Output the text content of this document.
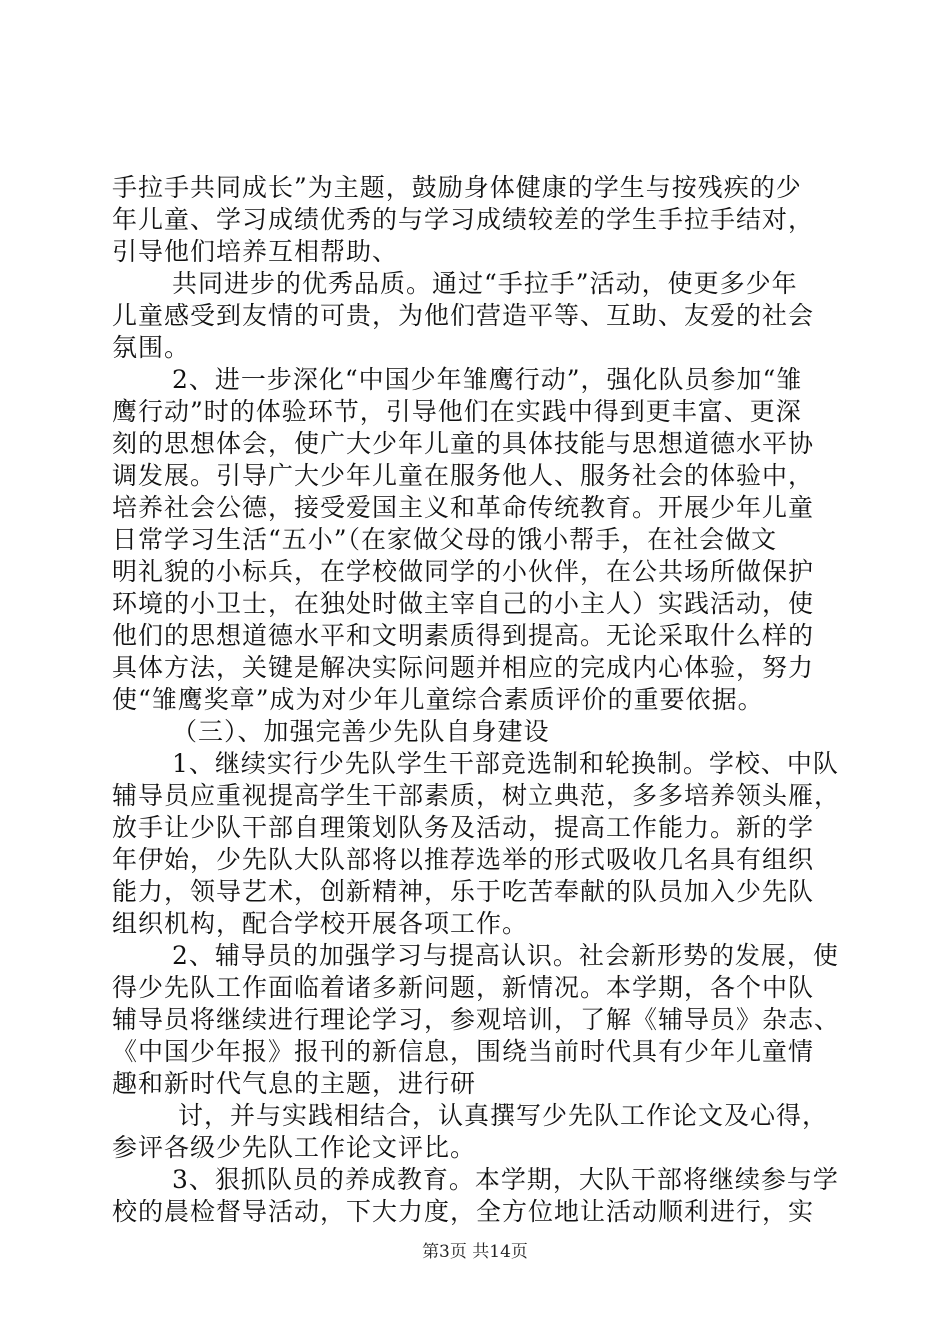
手拉手共同成长”为主题，鼓励身体健康的学生与按残疾的少

年儿童、学习成绩优秀的与学习成绩较差的学生手拉手结对，

引导他们培养互相帮助、

共同进步的优秀品质。通过“手拉手”活动，使更多少年

儿童感受到友情的可贵，为他们营造平等、互助、友爱的社会

氛围。

2、进一步深化“中国少年雏鹰行动”，强化队员参加“雏

鹰行动”时的体验环节，引导他们在实践中得到更丰富、更深

刻的思想体会，使广大少年儿童的具体技能与思想道德水平协

调发展。引导广大少年儿童在服务他人、服务社会的体验中，

培养社会公德，接受爱国主义和革命传统教育。开展少年儿童

日常学习生活“五小”（在家做父母的饿小帮手，在社会做文

明礼貌的小标兵，在学校做同学的小伙伴，在公共场所做保护

环境的小卫士，在独处时做主宰自己的小主人）实践活动，使

他们的思想道德水平和文明素质得到提高。无论采取什么样的

具体方法，关键是解决实际问题并相应的完成内心体验，努力

使“雏鹰奖章”成为对少年儿童综合素质评价的重要依据。

（三）、加强完善少先队自身建设

1、继续实行少先队学生干部竞选制和轮换制。学校、中队

辅导员应重视提高学生干部素质，树立典范，多多培养领头雁，

放手让少队干部自理策划队务及活动，提高工作能力。新的学

年伊始，少先队大队部将以推荐选举的形式吸收几名具有组织

能力，领导艺术，创新精神，乐于吃苦奉献的队员加入少先队

组织机构，配合学校开展各项工作。

2、辅导员的加强学习与提高认识。社会新形势的发展，使

得少先队工作面临着诸多新问题，新情况。本学期，各个中队

辅导员将继续进行理论学习，参观培训，了解《辅导员》杂志、

《中国少年报》报刊的新信息，围绕当前时代具有少年儿童情

趣和新时代气息的主题，进行研

讨，并与实践相结合，认真撰写少先队工作论文及心得，

参评各级少先队工作论文评比。

3、狠抓队员的养成教育。本学期，大队干部将继续参与学

校的晨检督导活动，下大力度，全方位地让活动顺利进行，实

第3页 共14页
